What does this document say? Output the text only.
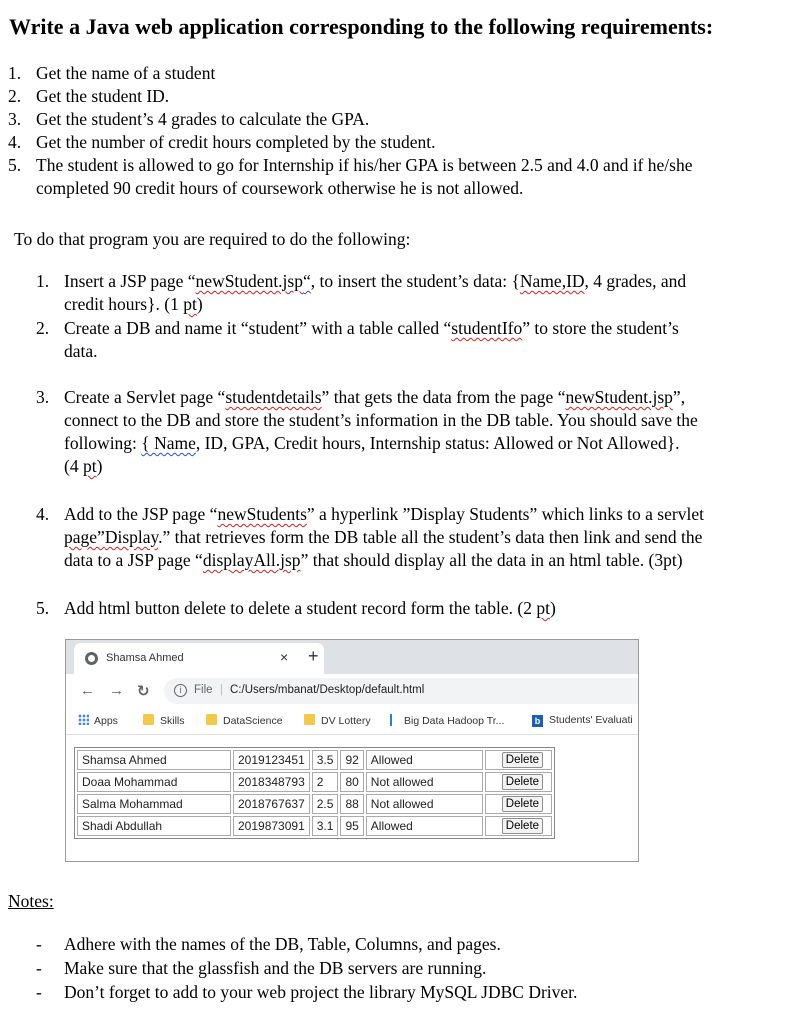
Write a Java web application corresponding to the following requirements:
1. Get the name of a student
2. Get the student ID.
3. Get the student’s 4 grades to calculate the GPA.
4. Get the number of credit hours completed by the student.
5. The student is allowed to go for Internship if his/her GPA is between 2.5 and 4.0 and if he/she
completed 90 credit hours of coursework otherwise he is not allowed.
To do that program you are required to do the following:
1. Insert a JSP page “newStudent.jsp“, to insert the student’s data: {Name,ID, 4 grades, and
credit hours}. (1 pt)
2. Create a DB and name it “student” with a table called “studentIfo” to store the student’s
data.
3. Create a Servlet page “studentdetails” that gets the data from the page “newStudent.jsp”,
connect to the DB and store the student’s information in the DB table. You should save the
following: { Name, ID, GPA, Credit hours, Internship status: Allowed or Not Allowed}.
(4 pt)
4. Add to the JSP page “newStudents” a hyperlink ”Display Students” which links to a servlet
page”Display.” that retrieves form the DB table all the student’s data then link and send the
data to a JSP page “displayAll.jsp” that should display all the data in an html table. (3pt)
5. Add html button delete to delete a student record form the table. (2 pt)
Shamsa Ahmed	× +
← → ↻	i	File | C:/Users/mbanat/Desktop/default.html
Apps	Skills	DataScience	DV Lottery	Big Data Hadoop Tr...	b Students' Evaluati
Shamsa Ahmed	2019123451	3.5	92	Allowed	Delete
Doaa Mohammad	2018348793	2	80	Not allowed	Delete
Salma Mohammad	2018767637	2.5	88	Not allowed	Delete
Shadi Abdullah	2019873091	3.1	95	Allowed	Delete
Notes:
- Adhere with the names of the DB, Table, Columns, and pages.
- Make sure that the glassfish and the DB servers are running.
- Don’t forget to add to your web project the library MySQL JDBC Driver.
